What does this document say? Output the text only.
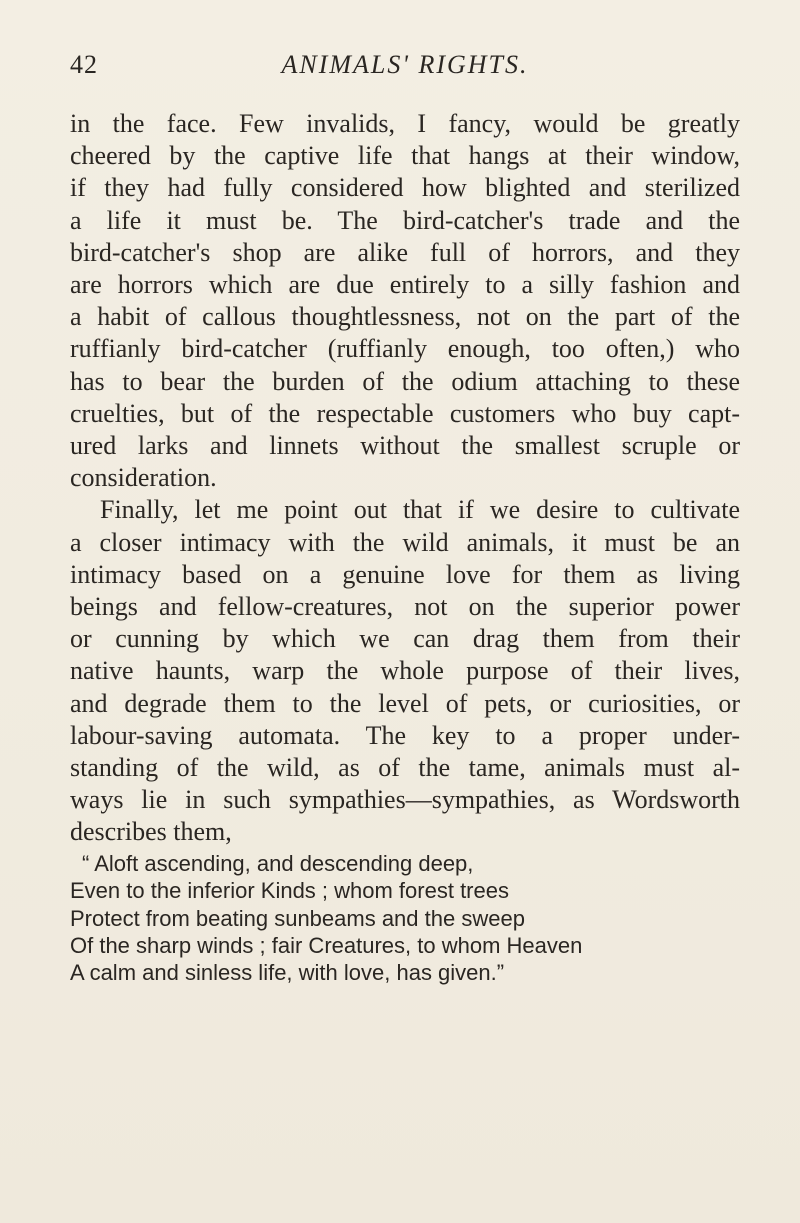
42	ANIMALS' RIGHTS.
in the face. Few invalids, I fancy, would be greatly
cheered by the captive life that hangs at their window,
if they had fully considered how blighted and sterilized
a life it must be. The bird-catcher's trade and the
bird-catcher's shop are alike full of horrors, and they
are horrors which are due entirely to a silly fashion and
a habit of callous thoughtlessness, not on the part of the
ruffianly bird-catcher (ruffianly enough, too often,) who
has to bear the burden of the odium attaching to these
cruelties, but of the respectable customers who buy capt-
ured larks and linnets without the smallest scruple or
consideration.
Finally, let me point out that if we desire to cultivate
a closer intimacy with the wild animals, it must be an
intimacy based on a genuine love for them as living
beings and fellow-creatures, not on the superior power
or cunning by which we can drag them from their
native haunts, warp the whole purpose of their lives,
and degrade them to the level of pets, or curiosities, or
labour-saving automata. The key to a proper under-
standing of the wild, as of the tame, animals must al-
ways lie in such sympathies—sympathies, as Wordsworth
describes them,
“ Aloft ascending, and descending deep,
Even to the inferior Kinds ; whom forest trees
Protect from beating sunbeams and the sweep
Of the sharp winds ; fair Creatures, to whom Heaven
A calm and sinless life, with love, has given.”
